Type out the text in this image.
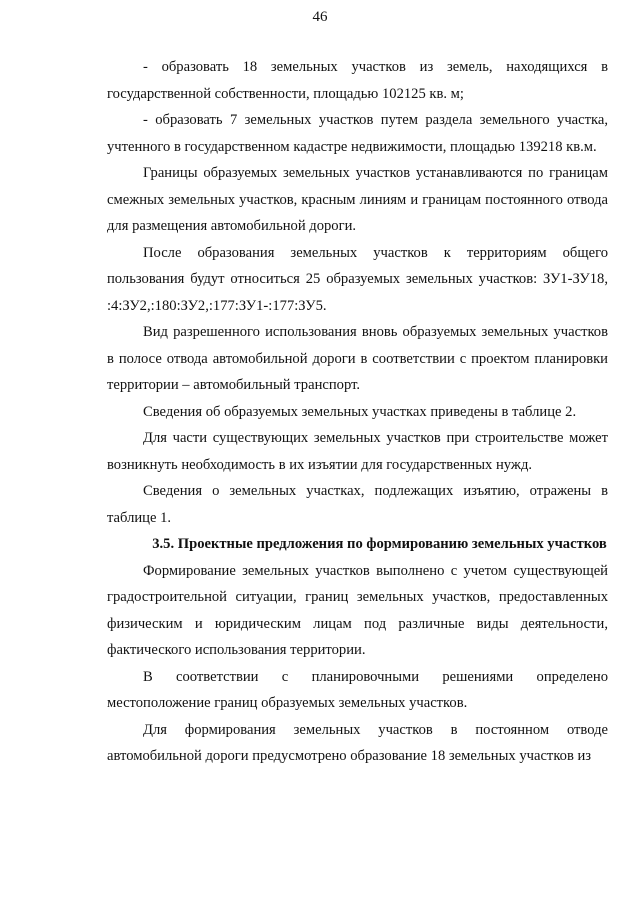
46

- образовать 18 земельных участков из земель, находящихся в государственной собственности, площадью 102125 кв. м;

- образовать 7 земельных участков путем раздела земельного участка, учтенного в государственном кадастре недвижимости, площадью 139218 кв.м.

Границы образуемых земельных участков устанавливаются по границам смежных земельных участков, красным линиям и границам постоянного отвода для размещения автомобильной дороги.

После образования земельных участков к территориям общего пользования будут относиться 25 образуемых земельных участков: ЗУ1-ЗУ18, :4:ЗУ2,:180:ЗУ2,:177:ЗУ1-:177:ЗУ5.

Вид разрешенного использования вновь образуемых земельных участков в полосе отвода автомобильной дороги в соответствии с проектом планировки территории – автомобильный транспорт.

Сведения об образуемых земельных участках приведены в таблице 2.

Для части существующих земельных участков при строительстве может возникнуть необходимость в их изъятии для государственных нужд.

Сведения о земельных участках, подлежащих изъятию, отражены в таблице 1.

3.5. Проектные предложения по формированию земельных участков

Формирование земельных участков выполнено с учетом существующей градостроительной ситуации, границ земельных участков, предоставленных физическим и юридическим лицам под различные виды деятельности, фактического использования территории.

В соответствии с планировочными решениями определено местоположение границ образуемых земельных участков.

Для формирования земельных участков в постоянном отводе автомобильной дороги предусмотрено образование 18 земельных участков из
